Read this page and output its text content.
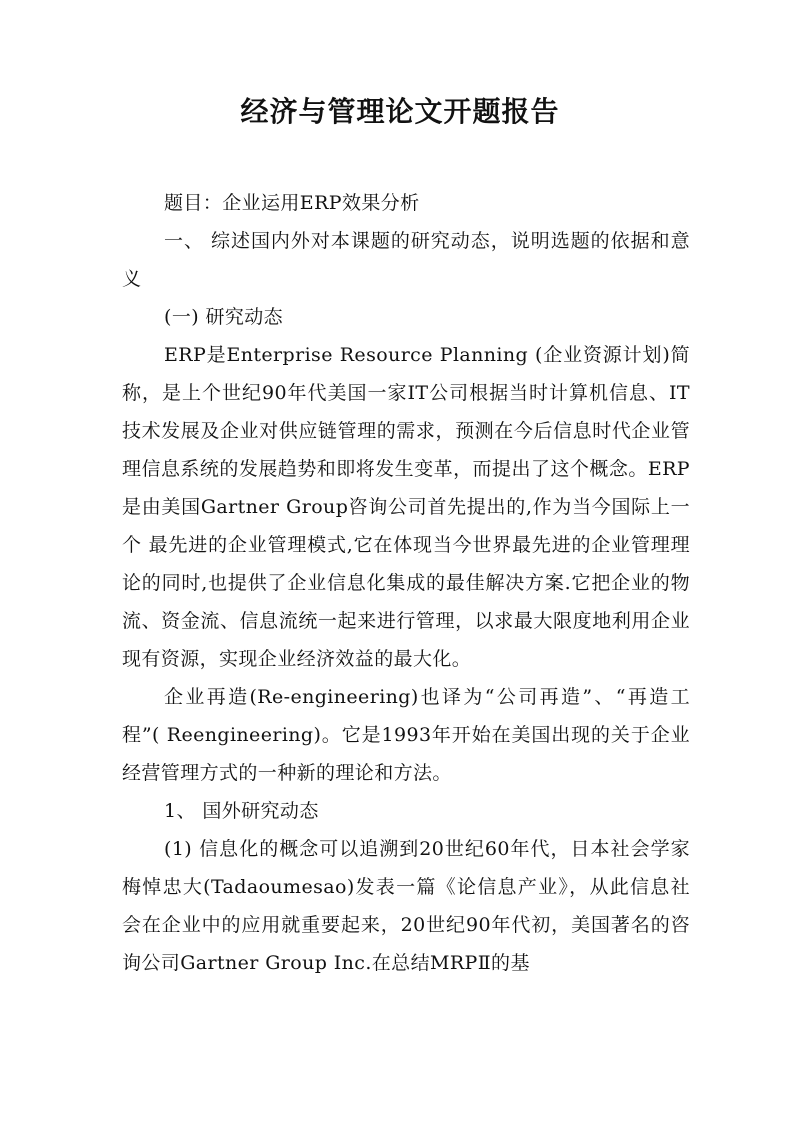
经济与管理论文开题报告

题目：企业运用ERP效果分析

一、 综述国内外对本课题的研究动态，说明选题的依据和意义

(一) 研究动态

ERP是Enterprise Resource Planning (企业资源计划)简称，是上个世纪90年代美国一家IT公司根据当时计算机信息、IT技术发展及企业对供应链管理的需求，预测在今后信息时代企业管理信息系统的发展趋势和即将发生变革，而提出了这个概念。ERP是由美国Gartner Group咨询公司首先提出的,作为当今国际上一个 最先进的企业管理模式,它在体现当今世界最先进的企业管理理论的同时,也提供了企业信息化集成的最佳解决方案.它把企业的物流、资金流、信息流统一起来进行管理，以求最大限度地利用企业现有资源，实现企业经济效益的最大化。

企业再造(Re-engineering)也译为“公司再造”、“再造工程”( Reengineering)。它是1993年开始在美国出现的关于企业经营管理方式的一种新的理论和方法。

1、 国外研究动态

(1) 信息化的概念可以追溯到20世纪60年代，日本社会学家梅悼忠大(Tadaoumesao)发表一篇《论信息产业》，从此信息社会在企业中的应用就重要起来，20世纪90年代初，美国著名的咨询公司Gartner Group Inc.在总结MRPⅡ的基
